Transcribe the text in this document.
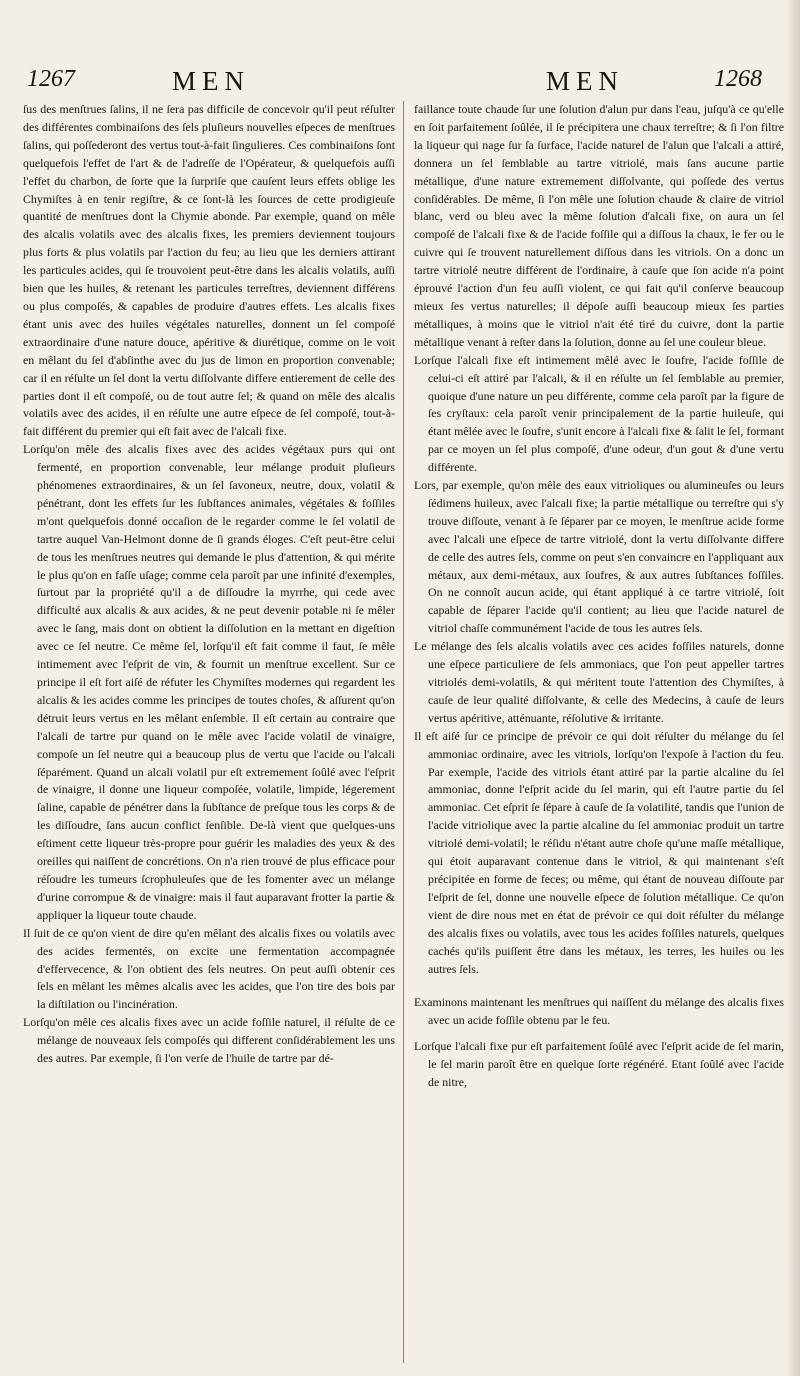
1267	MEN	MEN	1268

ſus des menſtrues ſalins, il ne ſera pas difficile de concevoir qu'il peut réſulter des différentes combinaiſons des ſels pluſieurs nouvelles eſpeces de menſtrues ſalins, qui poſſederont des vertus tout-à-fait ſingulieres. Ces combinaiſons ſont quelquefois l'effet de l'art & de l'adreſſe de l'Opérateur, & quelquefois auſſi l'effet du charbon, de ſorte que la ſurpriſe que cauſent leurs effets oblige les Chymiſtes à en tenir regiſtre, & ce ſont-là les ſources de cette prodigieuſe quantité de menſtrues dont la Chymie abonde. Par exemple, quand on mêle des alcalis volatils avec des alcalis fixes, les premiers deviennent toujours plus forts & plus volatils par l'action du feu; au lieu que les derniers attirant les particules acides, qui ſe trouvoient peut-être dans les alcalis volatils, auſſi bien que les huiles, & retenant les particules terreſtres, deviennent différens ou plus compoſés, & capables de produire d'autres effets. Les alcalis fixes étant unis avec des huiles végétales naturelles, donnent un ſel compoſé extraordinaire d'une nature douce, apéritive & diurétique, comme on le voit en mêlant du ſel d'abſinthe avec du jus de limon en proportion convenable; car il en réſulte un ſel dont la vertu diſſolvante differe entierement de celle des parties dont il eſt compoſé, ou de tout autre ſel; & quand on mêle des alcalis volatils avec des acides, il en réſulte une autre eſpece de ſel compoſé, tout-à-fait différent du premier qui eſt fait avec de l'alcali fixe.

Lorſqu'on mêle des alcalis fixes avec des acides végétaux purs qui ont fermenté, en proportion convenable, leur mélange produit pluſieurs phénomenes extraordinaires, & un ſel ſavoneux, neutre, doux, volatil & pénétrant, dont les effets ſur les ſubſtances animales, végétales & foſſiles m'ont quelquefois donné occaſion de le regarder comme le ſel volatil de tartre auquel Van-Helmont donne de ſi grands éloges. C'eſt peut-être celui de tous les menſtrues neutres qui demande le plus d'attention, & qui mérite le plus qu'on en faſſe uſage; comme cela paroît par une infinité d'exemples, ſurtout par la propriété qu'il a de diſſoudre la myrrhe, qui cede avec difficulté aux alcalis & aux acides, & ne peut devenir potable ni ſe mêler avec le ſang, mais dont on obtient la diſſolution en la mettant en digeſtion avec ce ſel neutre. Ce même ſel, lorſqu'il eſt fait comme il faut, ſe mêle intimement avec l'eſprit de vin, & fournit un menſtrue excellent. Sur ce principe il eſt fort aiſé de réfuter les Chymiſtes modernes qui regardent les alcalis & les acides comme les principes de toutes choſes, & aſſurent qu'on détruit leurs vertus en les mêlant enſemble. Il eſt certain au contraire que l'alcali de tartre pur quand on le mêle avec l'acide volatil de vinaigre, compoſe un ſel neutre qui a beaucoup plus de vertu que l'acide ou l'alcali ſéparément. Quand un alcali volatil pur eſt extremement ſoûlé avec l'eſprit de vinaigre, il donne une liqueur compoſée, volatile, limpide, légerement ſaline, capable de pénétrer dans la ſubſtance de preſque tous les corps & de les diſſoudre, ſans aucun conflict ſenſible. De-là vient que quelques-uns eſtiment cette liqueur très-propre pour guérir les maladies des yeux & des oreilles qui naiſſent de concrétions. On n'a rien trouvé de plus efficace pour réſoudre les tumeurs ſcrophuleuſes que de les fomenter avec un mélange d'urine corrompue & de vinaigre: mais il faut auparavant frotter la partie & appliquer la liqueur toute chaude.

Il ſuit de ce qu'on vient de dire qu'en mêlant des alcalis fixes ou volatils avec des acides fermentés, on excite une fermentation accompagnée d'effervecence, & l'on obtient des ſels neutres. On peut auſſi obtenir ces ſels en mêlant les mêmes alcalis avec les acides, que l'on tire des bois par la diſtilation ou l'incinération.

Lorſqu'on mêle ces alcalis fixes avec un acide foſſile naturel, il réſulte de ce mélange de nouveaux ſels compoſés qui different conſidérablement les uns des autres. Par exemple, ſi l'on verſe de l'huile de tartre par dé-

faillance toute chaude ſur une ſolution d'alun pur dans l'eau, juſqu'à ce qu'elle en ſoit parfaitement ſoûlée, il ſe précipitera une chaux terreſtre; & ſi l'on filtre la liqueur qui nage ſur ſa ſurface, l'acide naturel de l'alun que l'alcali a attiré, donnera un ſel ſemblable au tartre vitriolé, mais ſans aucune partie métallique, d'une nature extremement diſſolvante, qui poſſede des vertus conſidérables. De même, ſi l'on mêle une ſolution chaude & claire de vitriol blanc, verd ou bleu avec la même ſolution d'alcali fixe, on aura un ſel compoſé de l'alcali fixe & de l'acide foſſile qui a diſſous la chaux, le fer ou le cuivre qui ſe trouvent naturellement diſſous dans les vitriols. On a donc un tartre vitriolé neutre différent de l'ordinaire, à cauſe que ſon acide n'a point éprouvé l'action d'un feu auſſi violent, ce qui fait qu'il conſerve beaucoup mieux ſes vertus naturelles; il dépoſe auſſi beaucoup mieux ſes parties métalliques, à moins que le vitriol n'ait été tiré du cuivre, dont la partie métallique venant à reſter dans la ſolution, donne au ſel une couleur bleue.

Lorſque l'alcali fixe eſt intimement mêlé avec le ſoufre, l'acide foſſile de celui-ci eſt attiré par l'alcali, & il en réſulte un ſel ſemblable au premier, quoique d'une nature un peu différente, comme cela paroît par la figure de ſes cryſtaux: cela paroît venir principalement de la partie huileuſe, qui étant mêlée avec le ſoufre, s'unit encore à l'alcali fixe & ſalit le ſel, formant par ce moyen un ſel plus compoſé, d'une odeur, d'un gout & d'une vertu différente.

Lors, par exemple, qu'on mêle des eaux vitrioliques ou alumineuſes ou leurs ſédimens huileux, avec l'alcali fixe; la partie métallique ou terreſtre qui s'y trouve diſſoute, venant à ſe ſéparer par ce moyen, le menſtrue acide forme avec l'alcali une eſpece de tartre vitriolé, dont la vertu diſſolvante differe de celle des autres ſels, comme on peut s'en convaincre en l'appliquant aux métaux, aux demi-métaux, aux ſoufres, & aux autres ſubſtances foſſiles. On ne connoît aucun acide, qui étant appliqué à ce tartre vitriolé, ſoit capable de ſéparer l'acide qu'il contient; au lieu que l'acide naturel de vitriol chaſſe communément l'acide de tous les autres ſels.

Le mélange des ſels alcalis volatils avec ces acides foſſiles naturels, donne une eſpece particuliere de ſels ammoniacs, que l'on peut appeller tartres vitriolés demi-volatils, & qui méritent toute l'attention des Chymiſtes, à cauſe de leur qualité diſſolvante, & celle des Medecins, à cauſe de leurs vertus apéritive, atténuante, réſolutive & irritante.

Il eſt aiſé ſur ce principe de prévoir ce qui doit réſulter du mélange du ſel ammoniac ordinaire, avec les vitriols, lorſqu'on l'expoſe à l'action du feu. Par exemple, l'acide des vitriols étant attiré par la partie alcaline du ſel ammoniac, donne l'eſprit acide du ſel marin, qui eſt l'autre partie du ſel ammoniac. Cet eſprit ſe ſépare à cauſe de ſa volatilité, tandis que l'union de l'acide vitriolique avec la partie alcaline du ſel ammoniac produit un tartre vitriolé demi-volatil; le réſidu n'étant autre choſe qu'une maſſe métallique, qui étoit auparavant contenue dans le vitriol, & qui maintenant s'eſt précipitée en forme de feces; ou même, qui étant de nouveau diſſoute par l'eſprit de ſel, donne une nouvelle eſpece de ſolution métallique. Ce qu'on vient de dire nous met en état de prévoir ce qui doit réſulter du mélange des alcalis fixes ou volatils, avec tous les acides foſſiles naturels, quelques cachés qu'ils puiſſent être dans les métaux, les terres, les huiles ou les autres ſels.

Examinons maintenant les menſtrues qui naiſſent du mélange des alcalis fixes avec un acide foſſile obtenu par le feu.

Lorſque l'alcali fixe pur eſt parfaitement ſoûlé avec l'eſprit acide de ſel marin, le ſel marin paroît être en quelque ſorte régénéré. Etant ſoûlé avec l'acide de nitre,
